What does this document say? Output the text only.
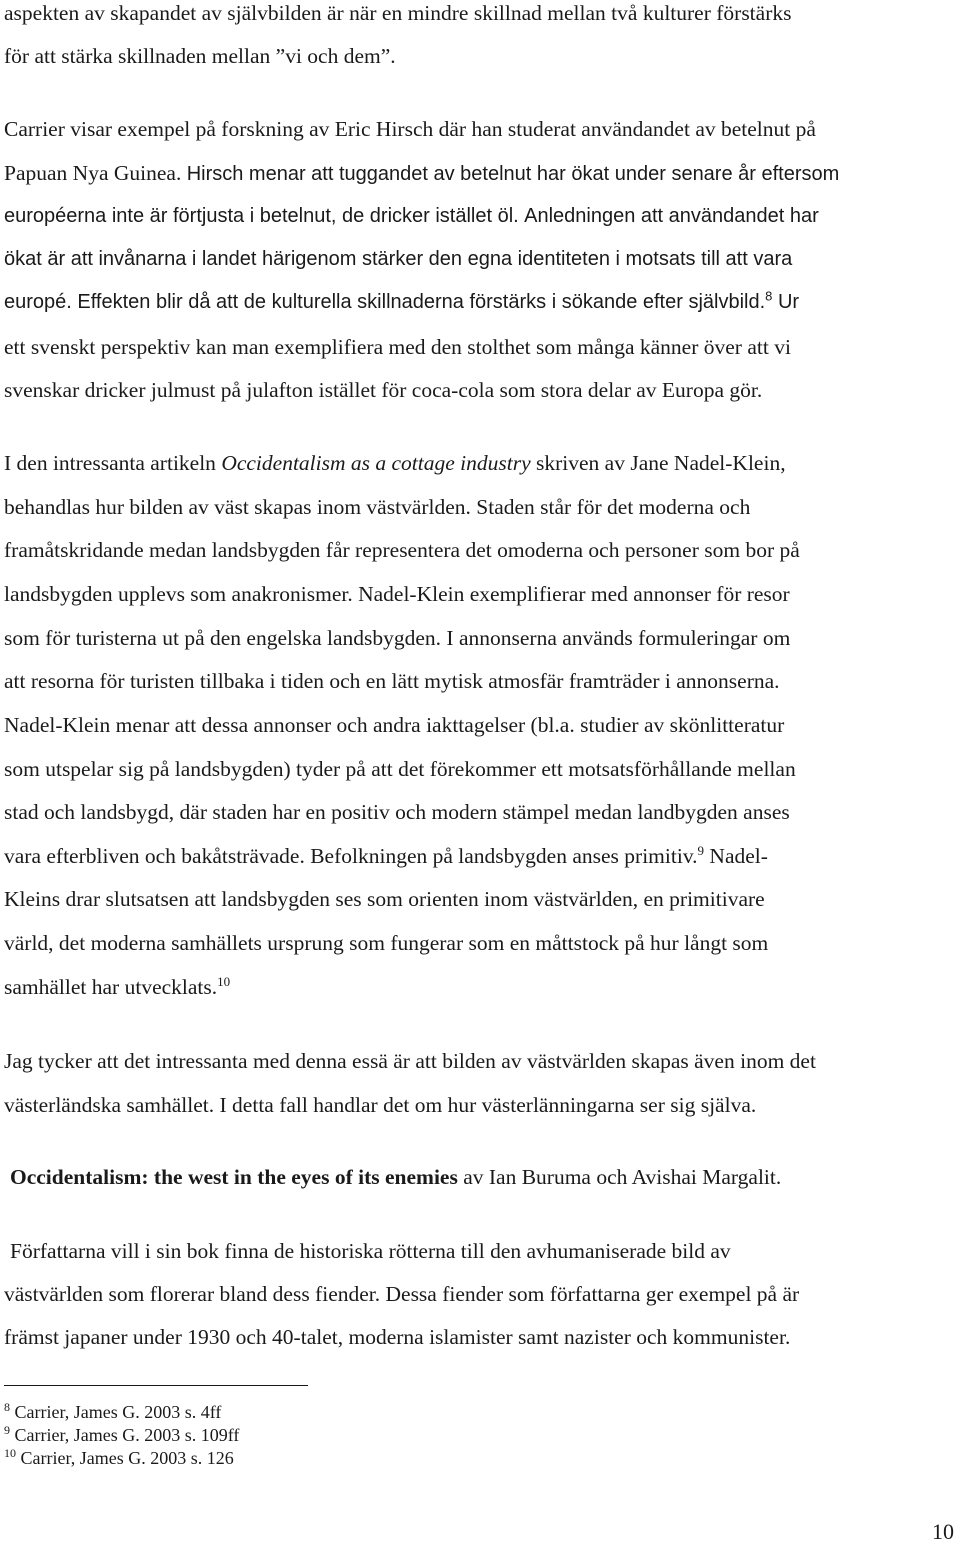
aspekten av skapandet av självbilden är när en mindre skillnad mellan två kulturer förstärks
för att stärka skillnaden mellan ”vi och dem”.
Carrier visar exempel på forskning av Eric Hirsch där han studerat användandet av betelnut på
Papuan Nya Guinea. Hirsch menar att tuggandet av betelnut har ökat under senare år eftersom
européerna inte är förtjusta i betelnut, de dricker istället öl. Anledningen att användandet har
ökat är att invånarna i landet härigenom stärker den egna identiteten i motsats till att vara
europé. Effekten blir då att de kulturella skillnaderna förstärks i sökande efter självbild.$^8$ Ur
ett svenskt perspektiv kan man exemplifiera med den stolthet som många känner över att vi
svenskar dricker julmust på julafton istället för coca-cola som stora delar av Europa gör.
I den intressanta artikeln Occidentalism as a cottage industry skriven av Jane Nadel-Klein,
behandlas hur bilden av väst skapas inom västvärlden. Staden står för det moderna och
framåtskridande medan landsbygden får representera det omoderna och personer som bor på
landsbygden upplevs som anakronismer. Nadel-Klein exemplifierar med annonser för resor
som för turisterna ut på den engelska landsbygden. I annonserna används formuleringar om
att resorna för turisten tillbaka i tiden och en lätt mytisk atmosfär framträder i annonserna.
Nadel-Klein menar att dessa annonser och andra iakttagelser (bl.a. studier av skönlitteratur
som utspelar sig på landsbygden) tyder på att det förekommer ett motsatsförhållande mellan
stad och landsbygd, där staden har en positiv och modern stämpel medan landbygden anses
vara efterbliven och bakåtsträvade. Befolkningen på landsbygden anses primitiv.$^9$ Nadel-
Kleins drar slutsatsen att landsbygden ses som orienten inom västvärlden, en primitivare
värld, det moderna samhällets ursprung som fungerar som en måttstock på hur långt som
samhället har utvecklats.$^{10}$
Jag tycker att det intressanta med denna essä är att bilden av västvärlden skapas även inom det
västerländska samhället. I detta fall handlar det om hur västerlänningarna ser sig själva.
Occidentalism: the west in the eyes of its enemies av Ian Buruma och Avishai Margalit.
Författarna vill i sin bok finna de historiska rötterna till den avhumaniserade bild av
västvärlden som florerar bland dess fiender. Dessa fiender som författarna ger exempel på är
främst japaner under 1930 och 40-talet, moderna islamister samt nazister och kommunister.
$^8$ Carrier, James G. 2003 s. 4ff
$^9$ Carrier, James G. 2003 s. 109ff
$^{10}$ Carrier, James G. 2003 s. 126
10
